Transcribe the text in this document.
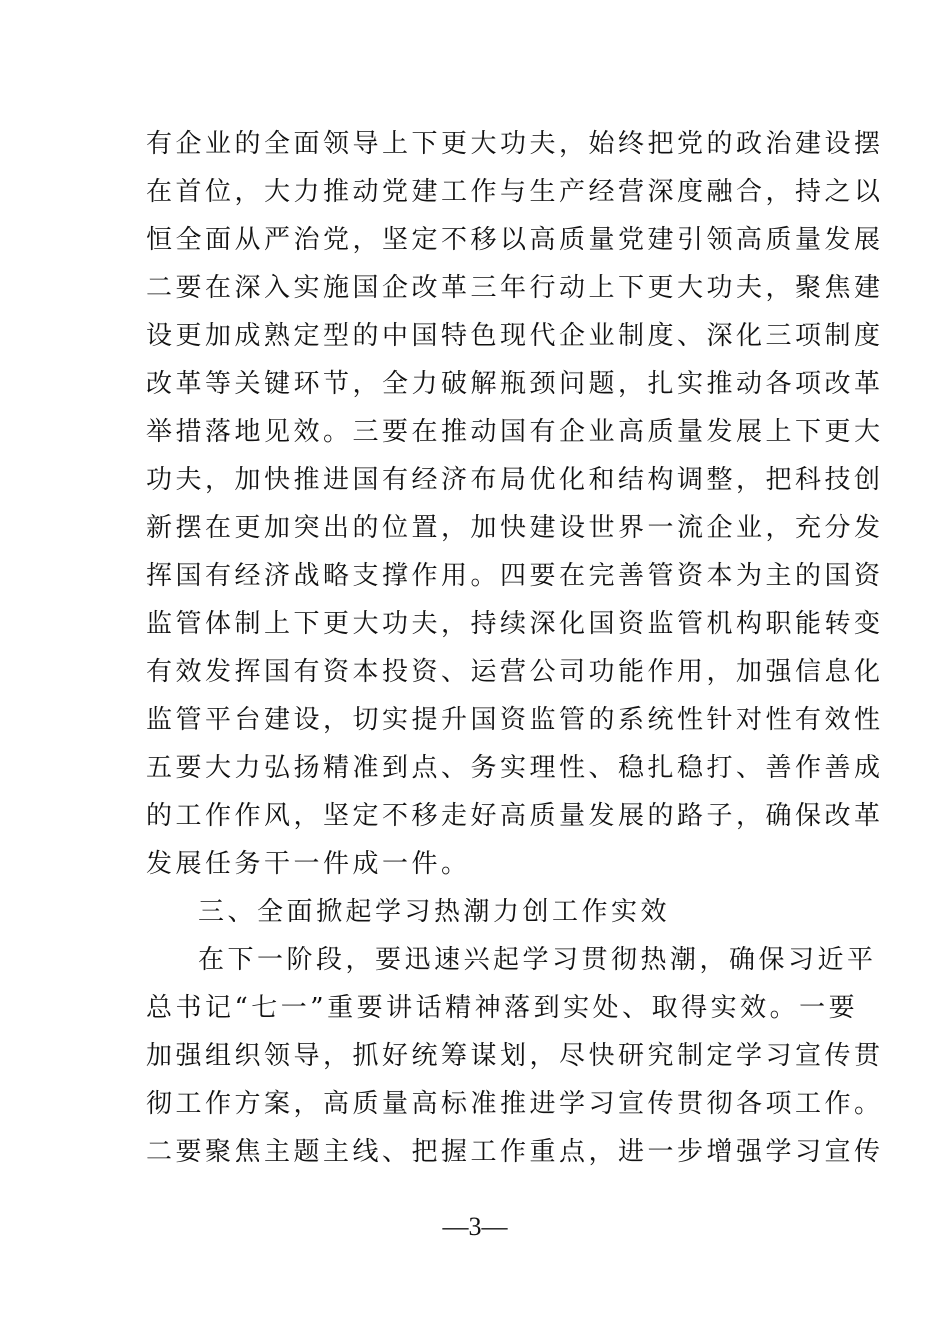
有企业的全面领导上下更大功夫，始终把党的政治建设摆
在首位，大力推动党建工作与生产经营深度融合，持之以
恒全面从严治党，坚定不移以高质量党建引领高质量发展
二要在深入实施国企改革三年行动上下更大功夫，聚焦建
设更加成熟定型的中国特色现代企业制度、深化三项制度
改革等关键环节，全力破解瓶颈问题，扎实推动各项改革
举措落地见效。三要在推动国有企业高质量发展上下更大
功夫，加快推进国有经济布局优化和结构调整，把科技创
新摆在更加突出的位置，加快建设世界一流企业，充分发
挥国有经济战略支撑作用。四要在完善管资本为主的国资
监管体制上下更大功夫，持续深化国资监管机构职能转变
有效发挥国有资本投资、运营公司功能作用，加强信息化
监管平台建设，切实提升国资监管的系统性针对性有效性
五要大力弘扬精准到点、务实理性、稳扎稳打、善作善成
的工作作风，坚定不移走好高质量发展的路子，确保改革
发展任务干一件成一件。
三、全面掀起学习热潮力创工作实效
在下一阶段，要迅速兴起学习贯彻热潮，确保习近平
总书记“七一”重要讲话精神落到实处、取得实效。一要
加强组织领导，抓好统筹谋划，尽快研究制定学习宣传贯
彻工作方案，高质量高标准推进学习宣传贯彻各项工作。
二要聚焦主题主线、把握工作重点，进一步增强学习宣传
—3—
